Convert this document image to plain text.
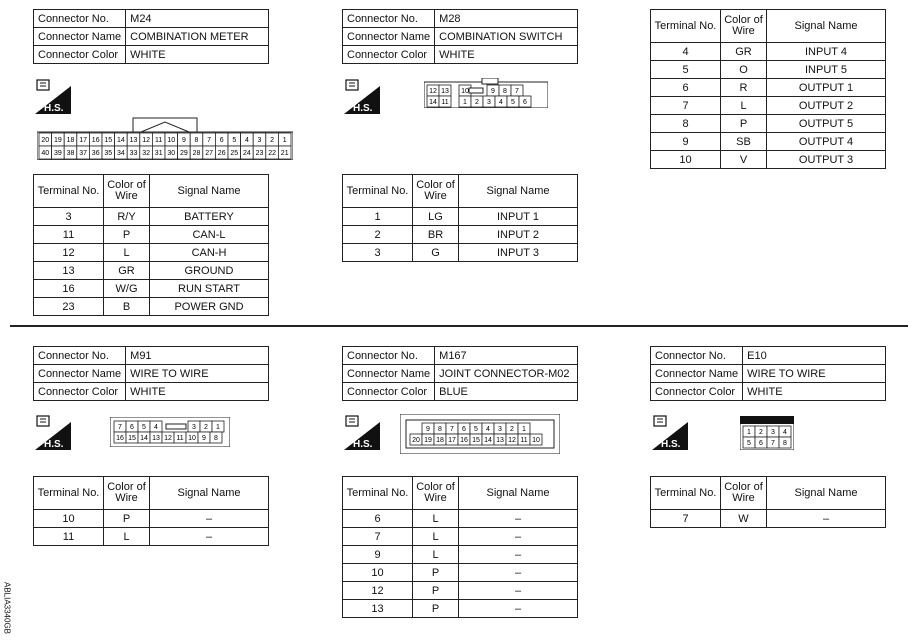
Connector No.	M24
Connector Name	COMBINATION METER
Connector Color	WHITE
H.S.
20 19 18 17 16 15 14 13 12 11 10 9 8 7 6 5 4 3 2 1
40 39 38 37 36 35 34 33 32 31 30 29 28 27 26 25 24 23 22 21
Terminal No.	Color of Wire	Signal Name
3	R/Y	BATTERY
11	P	CAN-L
12	L	CAN-H
13	GR	GROUND
16	W/G	RUN START
23	B	POWER GND
Connector No.	M28
Connector Name	COMBINATION SWITCH
Connector Color	WHITE
H.S.
12 13 10	9 8 7
14 11 1 2 3 4 5 6
Terminal No.	Color of Wire	Signal Name
1	LG	INPUT 1
2	BR	INPUT 2
3	G	INPUT 3
Terminal No.	Color of Wire	Signal Name
4	GR	INPUT 4
5	O	INPUT 5
6	R	OUTPUT 1
7	L	OUTPUT 2
8	P	OUTPUT 5
9	SB	OUTPUT 4
10	V	OUTPUT 3
Connector No.	M91
Connector Name	WIRE TO WIRE
Connector Color	WHITE
H.S.
7 6 5 4	3 2 1
16 15 14 13 12 11 10 9 8
Terminal No.	Color of Wire	Signal Name
10	P	–
11	L	–
Connector No.	M167
Connector Name	JOINT CONNECTOR-M02
Connector Color	BLUE
H.S.
9 8 7 6 5 4 3 2 1
20 19 18 17 16 15 14 13 12 11 10
Terminal No.	Color of Wire	Signal Name
6	L	–
7	L	–
9	L	–
10	P	–
12	P	–
13	P	–
Connector No.	E10
Connector Name	WIRE TO WIRE
Connector Color	WHITE
H.S.
1 2 3 4
5 6 7 8
Terminal No.	Color of Wire	Signal Name
7	W	–
ABLIA3340GB
